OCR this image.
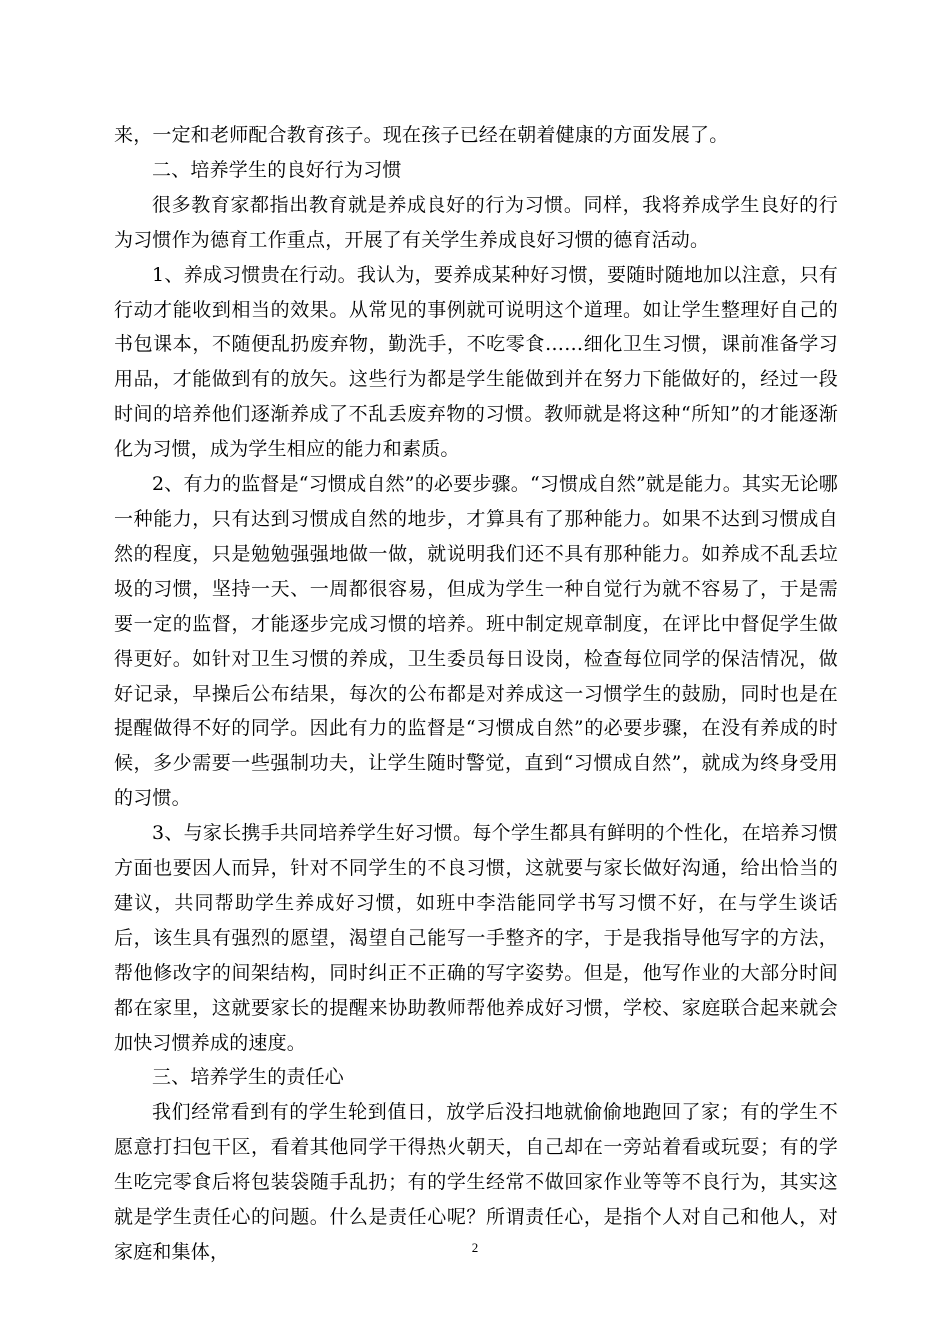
来，一定和老师配合教育孩子。现在孩子已经在朝着健康的方面发展了。

二、培养学生的良好行为习惯

很多教育家都指出教育就是养成良好的行为习惯。同样，我将养成学生良好的行为习惯作为德育工作重点，开展了有关学生养成良好习惯的德育活动。

1、养成习惯贵在行动。我认为，要养成某种好习惯，要随时随地加以注意，只有行动才能收到相当的效果。从常见的事例就可说明这个道理。如让学生整理好自己的书包课本，不随便乱扔废弃物，勤洗手，不吃零食……细化卫生习惯，课前准备学习用品，才能做到有的放矢。这些行为都是学生能做到并在努力下能做好的，经过一段时间的培养他们逐渐养成了不乱丢废弃物的习惯。教师就是将这种“所知”的才能逐渐化为习惯，成为学生相应的能力和素质。

2、有力的监督是“习惯成自然”的必要步骤。“习惯成自然”就是能力。其实无论哪一种能力，只有达到习惯成自然的地步，才算具有了那种能力。如果不达到习惯成自然的程度，只是勉勉强强地做一做，就说明我们还不具有那种能力。如养成不乱丢垃圾的习惯，坚持一天、一周都很容易，但成为学生一种自觉行为就不容易了，于是需要一定的监督，才能逐步完成习惯的培养。班中制定规章制度，在评比中督促学生做得更好。如针对卫生习惯的养成，卫生委员每日设岗，检查每位同学的保洁情况，做好记录，早操后公布结果，每次的公布都是对养成这一习惯学生的鼓励，同时也是在提醒做得不好的同学。因此有力的监督是“习惯成自然”的必要步骤，在没有养成的时候，多少需要一些强制功夫，让学生随时警觉，直到“习惯成自然”，就成为终身受用的习惯。

3、与家长携手共同培养学生好习惯。每个学生都具有鲜明的个性化，在培养习惯方面也要因人而异，针对不同学生的不良习惯，这就要与家长做好沟通，给出恰当的建议，共同帮助学生养成好习惯，如班中李浩能同学书写习惯不好，在与学生谈话后，该生具有强烈的愿望，渴望自己能写一手整齐的字，于是我指导他写字的方法，帮他修改字的间架结构，同时纠正不正确的写字姿势。但是，他写作业的大部分时间都在家里，这就要家长的提醒来协助教师帮他养成好习惯，学校、家庭联合起来就会加快习惯养成的速度。

三、培养学生的责任心

我们经常看到有的学生轮到值日，放学后没扫地就偷偷地跑回了家；有的学生不愿意打扫包干区，看着其他同学干得热火朝天，自己却在一旁站着看或玩耍；有的学生吃完零食后将包装袋随手乱扔；有的学生经常不做回家作业等等不良行为，其实这就是学生责任心的问题。什么是责任心呢？所谓责任心，是指个人对自己和他人，对家庭和集体，	2
